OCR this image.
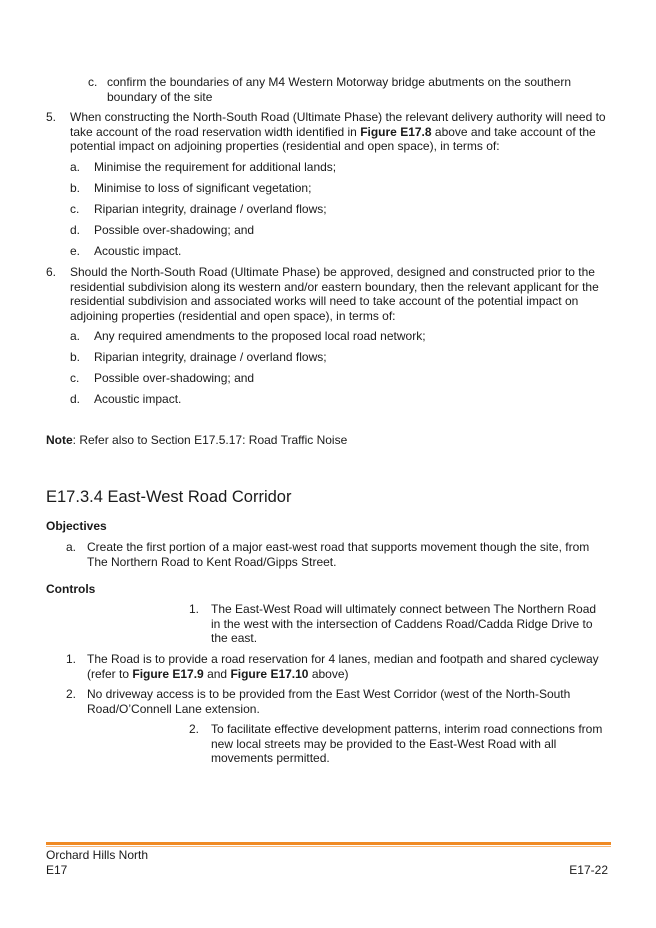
c. confirm the boundaries of any M4 Western Motorway bridge abutments on the southern boundary of the site
5. When constructing the North-South Road (Ultimate Phase) the relevant delivery authority will need to take account of the road reservation width identified in Figure E17.8 above and take account of the potential impact on adjoining properties (residential and open space), in terms of:
a. Minimise the requirement for additional lands;
b. Minimise to loss of significant vegetation;
c. Riparian integrity, drainage / overland flows;
d. Possible over-shadowing; and
e. Acoustic impact.
6. Should the North-South Road (Ultimate Phase) be approved, designed and constructed prior to the residential subdivision along its western and/or eastern boundary, then the relevant applicant for the residential subdivision and associated works will need to take account of the potential impact on adjoining properties (residential and open space), in terms of:
a. Any required amendments to the proposed local road network;
b. Riparian integrity, drainage / overland flows;
c. Possible over-shadowing; and
d. Acoustic impact.
Note: Refer also to Section E17.5.17: Road Traffic Noise
E17.3.4 East-West Road Corridor
Objectives
a. Create the first portion of a major east-west road that supports movement though the site, from The Northern Road to Kent Road/Gipps Street.
Controls
1. The East-West Road will ultimately connect between The Northern Road in the west with the intersection of Caddens Road/Cadda Ridge Drive to the east.
1. The Road is to provide a road reservation for 4 lanes, median and footpath and shared cycleway (refer to Figure E17.9 and Figure E17.10 above)
2. No driveway access is to be provided from the East West Corridor (west of the North-South Road/O’Connell Lane extension.
2. To facilitate effective development patterns, interim road connections from new local streets may be provided to the East-West Road with all movements permitted.
Orchard Hills North
E17	E17-22
